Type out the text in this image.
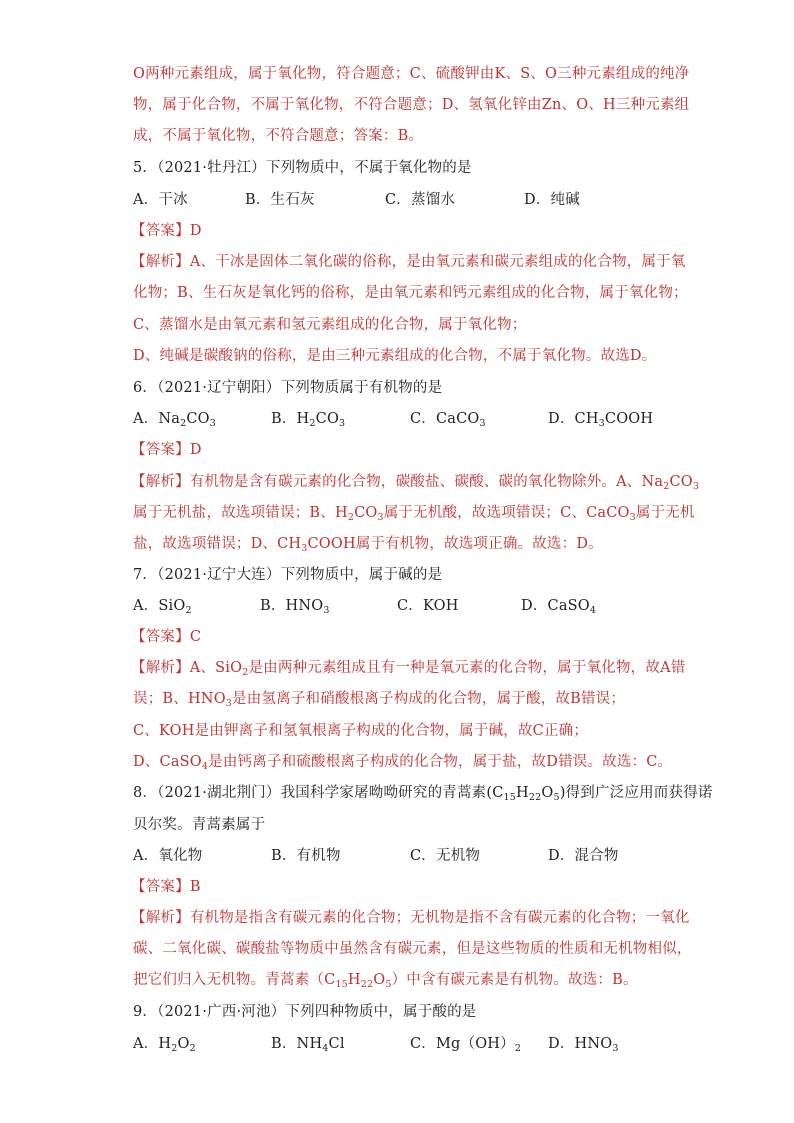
O两种元素组成，属于氧化物，符合题意；C、硫酸钾由K、S、O三种元素组成的纯净
物，属于化合物，不属于氧化物，不符合题意；D、氢氧化锌由Zn、O、H三种元素组
成，不属于氧化物，不符合题意；答案：B。
5．（2021·牡丹江）下列物质中，不属于氧化物的是
A．干冰	B．生石灰	C．蒸馏水	D．纯碱
【答案】D
【解析】A、干冰是固体二氧化碳的俗称，是由氧元素和碳元素组成的化合物，属于氧
化物；B、生石灰是氧化钙的俗称，是由氧元素和钙元素组成的化合物，属于氧化物；
C、蒸馏水是由氧元素和氢元素组成的化合物，属于氧化物；
D、纯碱是碳酸钠的俗称，是由三种元素组成的化合物，不属于氧化物。故选D。
6．（2021·辽宁朝阳）下列物质属于有机物的是
A．$Na_2CO_3$	B．$H_2CO_3$	C．CaCO$_3$	D．$CH_3COOH$
【答案】D
【解析】有机物是含有碳元素的化合物，碳酸盐、碳酸、碳的氧化物除外。A、$Na_2CO_3$
属于无机盐，故选项错误；B、$H_2CO_3$属于无机酸，故选项错误；C、CaCO$_3$属于无机
盐，故选项错误；D、$CH_3COOH$属于有机物，故选项正确。故选：D。
7．（2021·辽宁大连）下列物质中，属于碱的是
A．SiO$_2$	B．$HNO_3$	C．KOH	D．CaSO$_4$
【答案】C
【解析】A、SiO$_2$是由两种元素组成且有一种是氧元素的化合物，属于氧化物，故A错
误；B、$HNO_3$是由氢离子和硝酸根离子构成的化合物，属于酸，故B错误；
C、KOH是由钾离子和氢氧根离子构成的化合物，属于碱，故C正确；
D、CaSO$_4$是由钙离子和硫酸根离子构成的化合物，属于盐，故D错误。故选：C。
8．（2021·湖北荆门）我国科学家屠呦呦研究的青蒿素$(C_{15}H_{22}O_5)$得到广泛应用而获得诺
贝尔奖。青蒿素属于
A．氧化物	B．有机物	C．无机物	D．混合物
【答案】B
【解析】有机物是指含有碳元素的化合物；无机物是指不含有碳元素的化合物；一氧化
碳、二氧化碳、碳酸盐等物质中虽然含有碳元素，但是这些物质的性质和无机物相似，
把它们归入无机物。青蒿素$(C_{15}H_{22}O_5)$中含有碳元素是有机物。故选：B。
9．（2021·广西·河池）下列四种物质中，属于酸的是
A．$H_2O_2$	B．$NH_4Cl$	C．$Mg(OH)_2$ D．$HNO_3$
